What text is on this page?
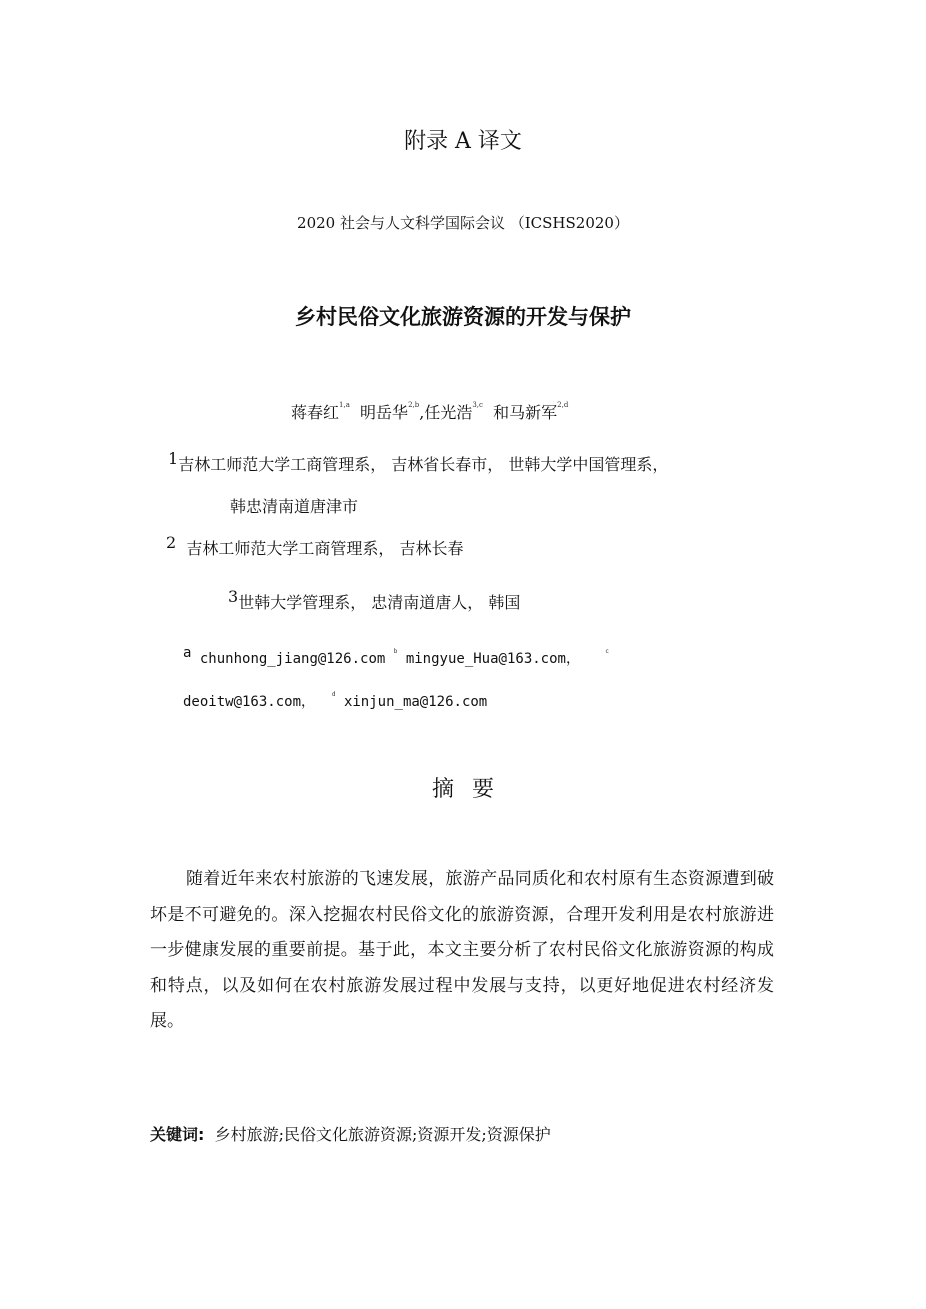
附录 A 译文
2020 社会与人文科学国际会议 （ICSHS2020）
乡村民俗文化旅游资源的开发与保护
蒋春红$^{1,a}$ 明岳华$^{2,b}$,任光浩$^{3,c}$ 和马新军$^{2,d}$
1吉林工师范大学工商管理系， 吉林省长春市， 世韩大学中国管理系，
韩忠清南道唐津市
2 吉林工师范大学工商管理系， 吉林长春
3世韩大学管理系， 忠清南道唐人， 韩国
a chunhong_jiang@126.com $^b$ mingyue_Hua@163.com，	$^c$
deoitw@163.com，	$^d$ xinjun_ma@126.com
摘要
随着近年来农村旅游的飞速发展，旅游产品同质化和农村原有生态资源遭到破坏是不可避免的。深入挖掘农村民俗文化的旅游资源，合理开发利用是农村旅游进一步健康发展的重要前提。基于此，本文主要分析了农村民俗文化旅游资源的构成和特点，以及如何在农村旅游发展过程中发展与支持，以更好地促进农村经济发展。
关键词: 乡村旅游;民俗文化旅游资源;资源开发;资源保护
